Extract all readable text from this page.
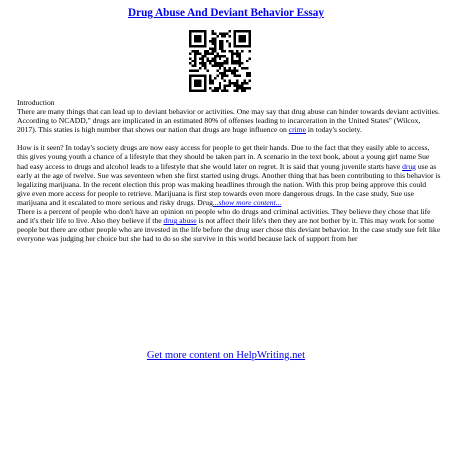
Drug Abuse And Deviant Behavior Essay

Introduction

There are many things that can lead up to deviant behavior or activities. One may say that drug abuse can hinder towards deviant activities. According to NCADD," drugs are implicated in an estimated 80% of offenses leading to incarceration in the United States" (Wilcox, 2017). This staties is high number that shows our nation that drugs are huge influence on crime in today's society.

How is it seen? In today's society drugs are now easy access for people to get their hands. Due to the fact that they easily able to access, this gives young youth a chance of a lifestyle that they should be taken part in. A scenario in the text book, about a young girl name Sue had easy access to drugs and alcohol leads to a lifestyle that she would later on regret. It is said that young juvenile starts have drug use as early at the age of twelve. Sue was seventeen when she first started using drugs. Another thing that has been contributing to this behavior is legalizing marijuana. In the recent election this prop was making headlines through the nation. With this prop being approve this could give even more access for people to retrieve. Marijuana is first step towards even more dangerous drugs. In the case study, Sue use marijuana and it escalated to more serious and risky drugs. Drug...show more content...

There is a percent of people who don't have an opinion on people who do drugs and criminal activities. They believe they chose that life and it's their life to live. Also they believe if the drug abuse is not affect their life's then they are not bother by it. This may work for some people but there are other people who are invested in the life before the drug user chose this deviant behavior. In the case study sue felt like everyone was judging her choice but she had to do so she survive in this world because lack of support from her

Get more content on HelpWriting.net
